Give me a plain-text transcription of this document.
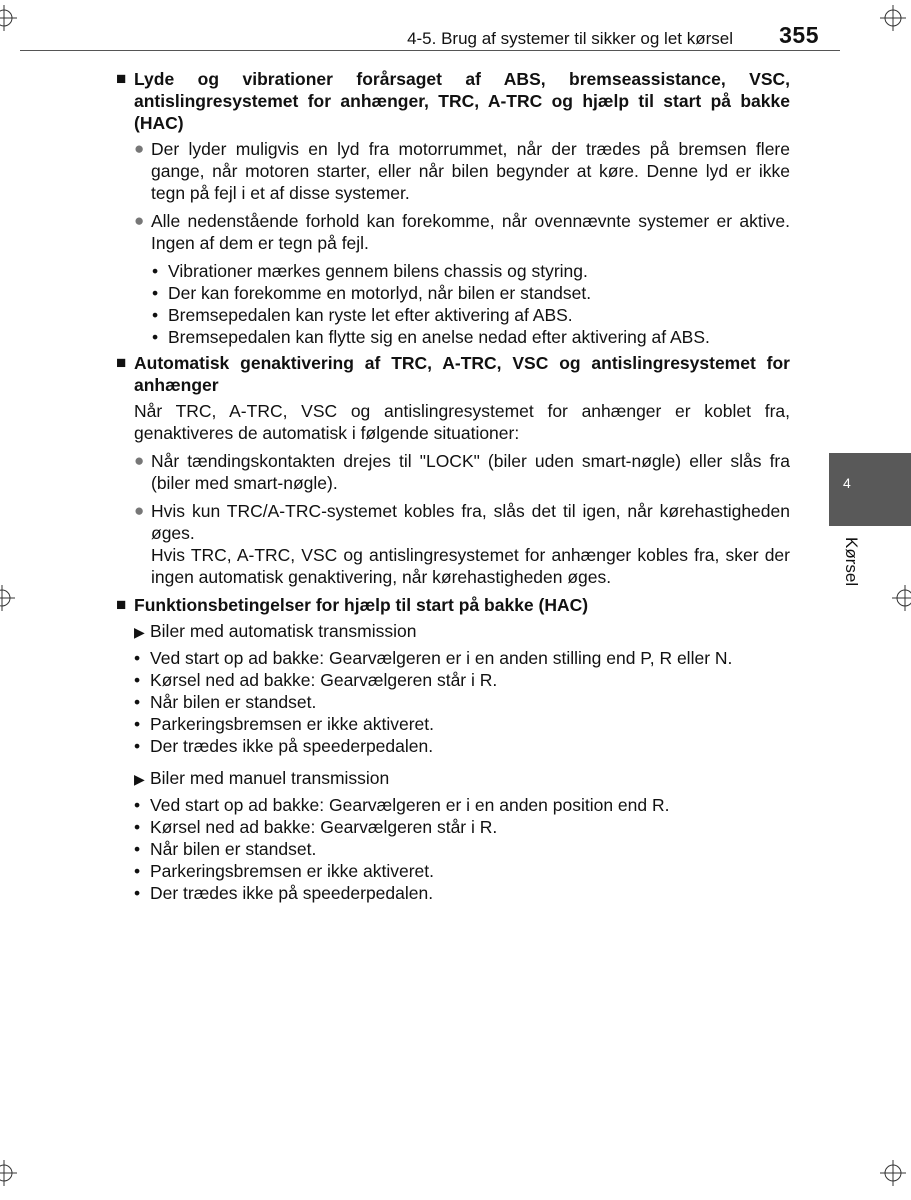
4-5. Brug af systemer til sikker og let kørsel 355
4
Kørsel
■ Lyde og vibrationer forårsaget af ABS, bremseassistance, VSC, antislingresystemet for anhænger, TRC, A-TRC og hjælp til start på bakke (HAC)
● Der lyder muligvis en lyd fra motorrummet, når der trædes på bremsen flere gange, når motoren starter, eller når bilen begynder at køre. Denne lyd er ikke tegn på fejl i et af disse systemer.
● Alle nedenstående forhold kan forekomme, når ovennævnte systemer er aktive. Ingen af dem er tegn på fejl.
• Vibrationer mærkes gennem bilens chassis og styring.
• Der kan forekomme en motorlyd, når bilen er standset.
• Bremsepedalen kan ryste let efter aktivering af ABS.
• Bremsepedalen kan flytte sig en anelse nedad efter aktivering af ABS.
■ Automatisk genaktivering af TRC, A-TRC, VSC og antislingresystemet for anhænger
Når TRC, A-TRC, VSC og antislingresystemet for anhænger er koblet fra, genaktiveres de automatisk i følgende situationer:
● Når tændingskontakten drejes til "LOCK" (biler uden smart-nøgle) eller slås fra (biler med smart-nøgle).
● Hvis kun TRC/A-TRC-systemet kobles fra, slås det til igen, når kørehastigheden øges.
Hvis TRC, A-TRC, VSC og antislingresystemet for anhænger kobles fra, sker der ingen automatisk genaktivering, når kørehastigheden øges.
■ Funktionsbetingelser for hjælp til start på bakke (HAC)
▶ Biler med automatisk transmission
• Ved start op ad bakke: Gearvælgeren er i en anden stilling end P, R eller N.
• Kørsel ned ad bakke: Gearvælgeren står i R.
• Når bilen er standset.
• Parkeringsbremsen er ikke aktiveret.
• Der trædes ikke på speederpedalen.
▶ Biler med manuel transmission
• Ved start op ad bakke: Gearvælgeren er i en anden position end R.
• Kørsel ned ad bakke: Gearvælgeren står i R.
• Når bilen er standset.
• Parkeringsbremsen er ikke aktiveret.
• Der trædes ikke på speederpedalen.
